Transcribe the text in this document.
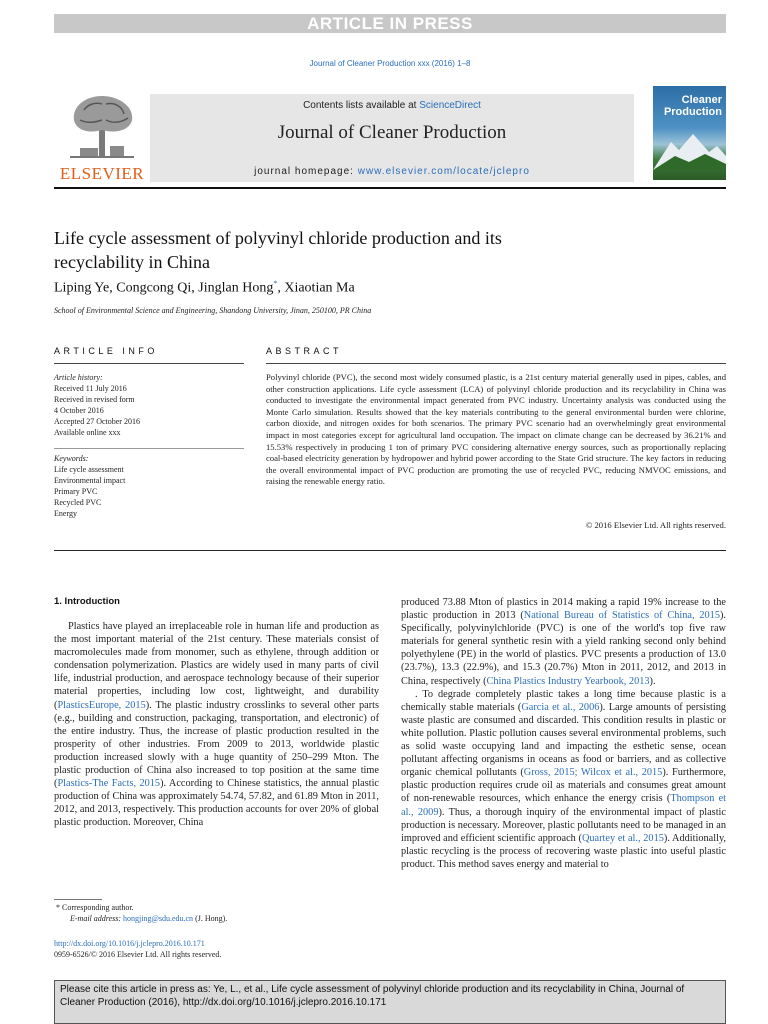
ARTICLE IN PRESS
Journal of Cleaner Production xxx (2016) 1–8
ELSEVIER
Contents lists available at ScienceDirect
Journal of Cleaner Production
journal homepage: www.elsevier.com/locate/jclepro
Cleaner
Production
Life cycle assessment of polyvinyl chloride production and its
recyclability in China
Liping Ye, Congcong Qi, Jinglan Hong*, Xiaotian Ma
School of Environmental Science and Engineering, Shandong University, Jinan, 250100, PR China
ARTICLE INFO	ABSTRACT
Article history:
Received 11 July 2016
Received in revised form
4 October 2016
Accepted 27 October 2016
Available online xxx
Keywords:
Life cycle assessment
Environmental impact
Primary PVC
Recycled PVC
Energy
Polyvinyl chloride (PVC), the second most widely consumed plastic, is a 21st century material generally used in pipes, cables, and other construction applications. Life cycle assessment (LCA) of polyvinyl chloride production and its recyclability in China was conducted to investigate the environmental impact generated from PVC industry. Uncertainty analysis was conducted using the Monte Carlo simulation. Results showed that the key materials contributing to the general environmental burden were chlorine, carbon dioxide, and nitrogen oxides for both scenarios. The primary PVC scenario had an overwhelmingly great environmental impact in most categories except for agricultural land occupation. The impact on climate change can be decreased by 36.21% and 15.53% respectively in producing 1 ton of primary PVC considering alternative energy sources, such as proportionally replacing coal-based electricity generation by hydropower and hybrid power according to the State Grid structure. The key factors in reducing the overall environmental impact of PVC production are promoting the use of recycled PVC, reducing NMVOC emissions, and raising the renewable energy ratio.
© 2016 Elsevier Ltd. All rights reserved.
1. Introduction

Plastics have played an irreplaceable role in human life and production as the most important material of the 21st century. These materials consist of macromolecules made from monomer, such as ethylene, through addition or condensation polymerization. Plastics are widely used in many parts of civil life, industrial production, and aerospace technology because of their superior material properties, including low cost, lightweight, and durability (PlasticsEurope, 2015). The plastic industry crosslinks to several other parts (e.g., building and construction, packaging, transportation, and electronic) of the entire industry. Thus, the increase of plastic production resulted in the prosperity of other industries. From 2009 to 2013, worldwide plastic production increased slowly with a huge quantity of 250–299 Mton. The plastic production of China also increased to top position at the same time (Plastics-The Facts, 2015). According to Chinese statistics, the annual plastic production of China was approximately 54.74, 57.82, and 61.89 Mton in 2011, 2012, and 2013, respectively. This production accounts for over 20% of global plastic production. Moreover, China

produced 73.88 Mton of plastics in 2014 making a rapid 19% increase to the plastic production in 2013 (National Bureau of Statistics of China, 2015). Specifically, polyvinylchloride (PVC) is one of the world's top five raw materials for general synthetic resin with a yield ranking second only behind polyethylene (PE) in the world of plastics. PVC presents a production of 13.0 (23.7%), 13.3 (22.9%), and 15.3 (20.7%) Mton in 2011, 2012, and 2013 in China, respectively (China Plastics Industry Yearbook, 2013).

. To degrade completely plastic takes a long time because plastic is a chemically stable materials (Garcia et al., 2006). Large amounts of persisting waste plastic are consumed and discarded. This condition results in plastic or white pollution. Plastic pollution causes several environmental problems, such as solid waste occupying land and impacting the esthetic sense, ocean pollutant affecting organisms in oceans as food or barriers, and as collective organic chemical pollutants (Gross, 2015; Wilcox et al., 2015). Furthermore, plastic production requires crude oil as materials and consumes great amount of non-renewable resources, which enhance the energy crisis (Thompson et al., 2009). Thus, a thorough inquiry of the environmental impact of plastic production is necessary. Moreover, plastic pollutants need to be managed in an improved and efficient scientific approach (Quartey et al., 2015). Additionally, plastic recycling is the process of recovering waste plastic into useful plastic product. This method saves energy and material to

* Corresponding author.
E-mail address: hongjing@sdu.edu.cn (J. Hong).
http://dx.doi.org/10.1016/j.jclepro.2016.10.171
0959-6526/© 2016 Elsevier Ltd. All rights reserved.
Please cite this article in press as: Ye, L., et al., Life cycle assessment of polyvinyl chloride production and its recyclability in China, Journal of Cleaner Production (2016), http://dx.doi.org/10.1016/j.jclepro.2016.10.171
